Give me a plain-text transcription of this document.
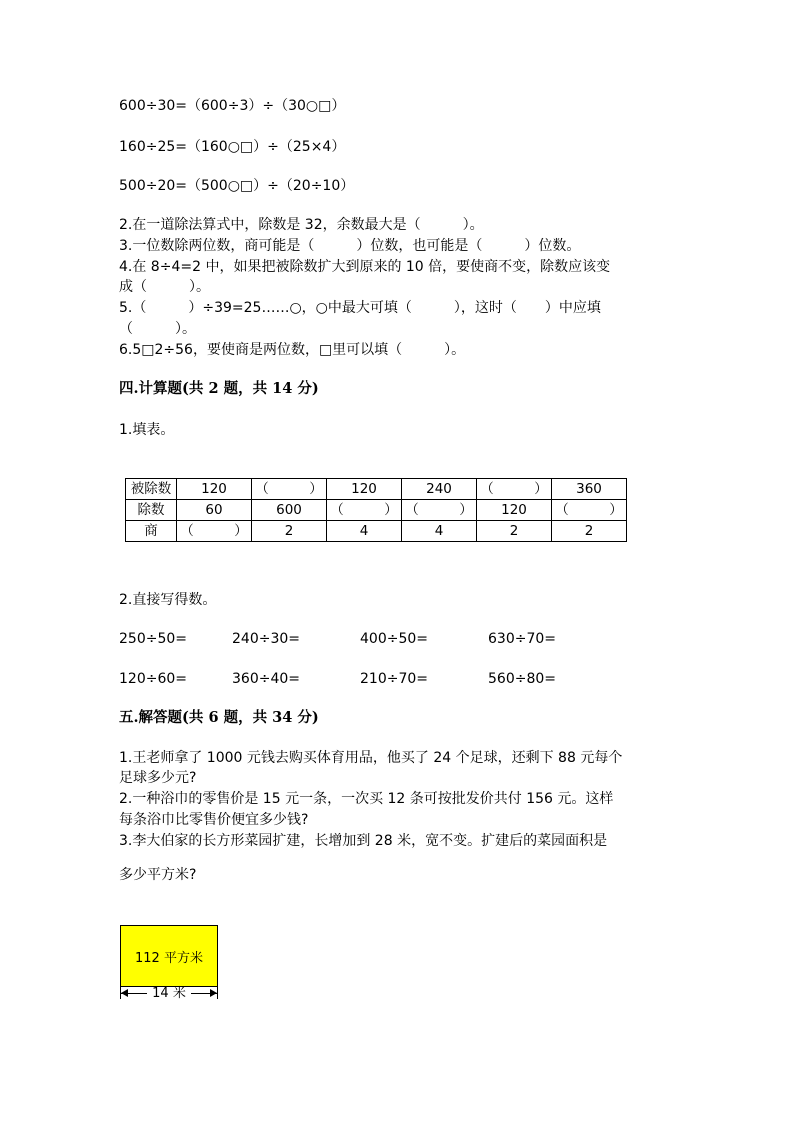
600÷30=（600÷3）÷（30○□）
160÷25=（160○□）÷（25×4）
500÷20=（500○□）÷（20÷10）
2.在一道除法算式中，除数是 32，余数最大是（　　　）。
3.一位数除两位数，商可能是（　　　）位数，也可能是（　　　）位数。
4.在 8÷4=2 中，如果把被除数扩大到原来的 10 倍，要使商不变，除数应该变
成（　　　）。
5.（　　　）÷39=25……○，○中最大可填（　　　），这时（　　）中应填
（　　　）。
6.5□2÷56，要使商是两位数，□里可以填（　　　）。
四.计算题(共 2 题，共 14 分)
1.填表。
被除数	120	（　　　）	120	240	（　　　）	360
除数	60	600	（　　　）	（　　　）	120	（　　　）
商	（　　　）	2	4	4	2	2
2.直接写得数。
250÷50=	240÷30=	400÷50=	630÷70=
120÷60=	360÷40=	210÷70=	560÷80=
五.解答题(共 6 题，共 34 分)
1.王老师拿了 1000 元钱去购买体育用品，他买了 24 个足球，还剩下 88 元每个
足球多少元?
2.一种浴巾的零售价是 15 元一条，一次买 12 条可按批发价共付 156 元。这样
每条浴巾比零售价便宜多少钱?
3.李大伯家的长方形菜园扩建，长增加到 28 米，宽不变。扩建后的菜园面积是
多少平方米?
112 平方米
14 米
